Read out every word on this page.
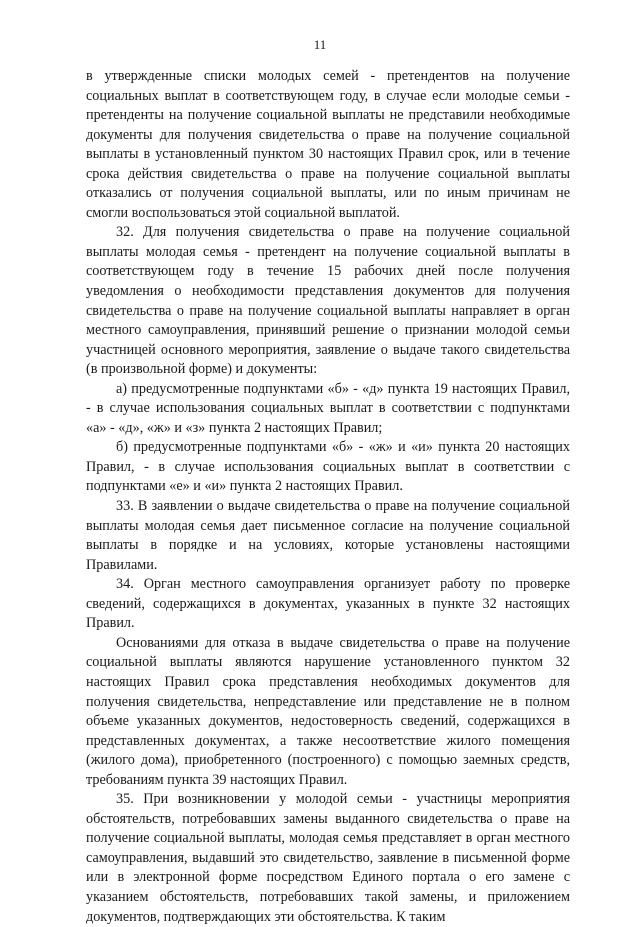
11

в утвержденные списки молодых семей - претендентов на получение социальных выплат в соответствующем году, в случае если молодые семьи - претенденты на получение социальной выплаты не представили необходимые документы для получения свидетельства о праве на получение социальной выплаты в установленный пунктом 30 настоящих Правил срок, или в течение срока действия свидетельства о праве на получение социальной выплаты отказались от получения социальной выплаты, или по иным причинам не смогли воспользоваться этой социальной выплатой.

32. Для получения свидетельства о праве на получение социальной выплаты молодая семья - претендент на получение социальной выплаты в соответствующем году в течение 15 рабочих дней после получения уведомления о необходимости представления документов для получения свидетельства о праве на получение социальной выплаты направляет в орган местного самоуправления, принявший решение о признании молодой семьи участницей основного мероприятия, заявление о выдаче такого свидетельства (в произвольной форме) и документы:

а) предусмотренные подпунктами «б» - «д» пункта 19 настоящих Правил, - в случае использования социальных выплат в соответствии с подпунктами «а» - «д», «ж» и «з» пункта 2 настоящих Правил;

б) предусмотренные подпунктами «б» - «ж» и «и» пункта 20 настоящих Правил, - в случае использования социальных выплат в соответствии с подпунктами «е» и «и» пункта 2 настоящих Правил.

33. В заявлении о выдаче свидетельства о праве на получение социальной выплаты молодая семья дает письменное согласие на получение социальной выплаты в порядке и на условиях, которые установлены настоящими Правилами.

34. Орган местного самоуправления организует работу по проверке сведений, содержащихся в документах, указанных в пункте 32 настоящих Правил.

Основаниями для отказа в выдаче свидетельства о праве на получение социальной выплаты являются нарушение установленного пунктом 32 настоящих Правил срока представления необходимых документов для получения свидетельства, непредставление или представление не в полном объеме указанных документов, недостоверность сведений, содержащихся в представленных документах, а также несоответствие жилого помещения (жилого дома), приобретенного (построенного) с помощью заемных средств, требованиям пункта 39 настоящих Правил.

35. При возникновении у молодой семьи - участницы мероприятия обстоятельств, потребовавших замены выданного свидетельства о праве на получение социальной выплаты, молодая семья представляет в орган местного самоуправления, выдавший это свидетельство, заявление в письменной форме или в электронной форме посредством Единого портала о его замене с указанием обстоятельств, потребовавших такой замены, и приложением документов, подтверждающих эти обстоятельства. К таким
